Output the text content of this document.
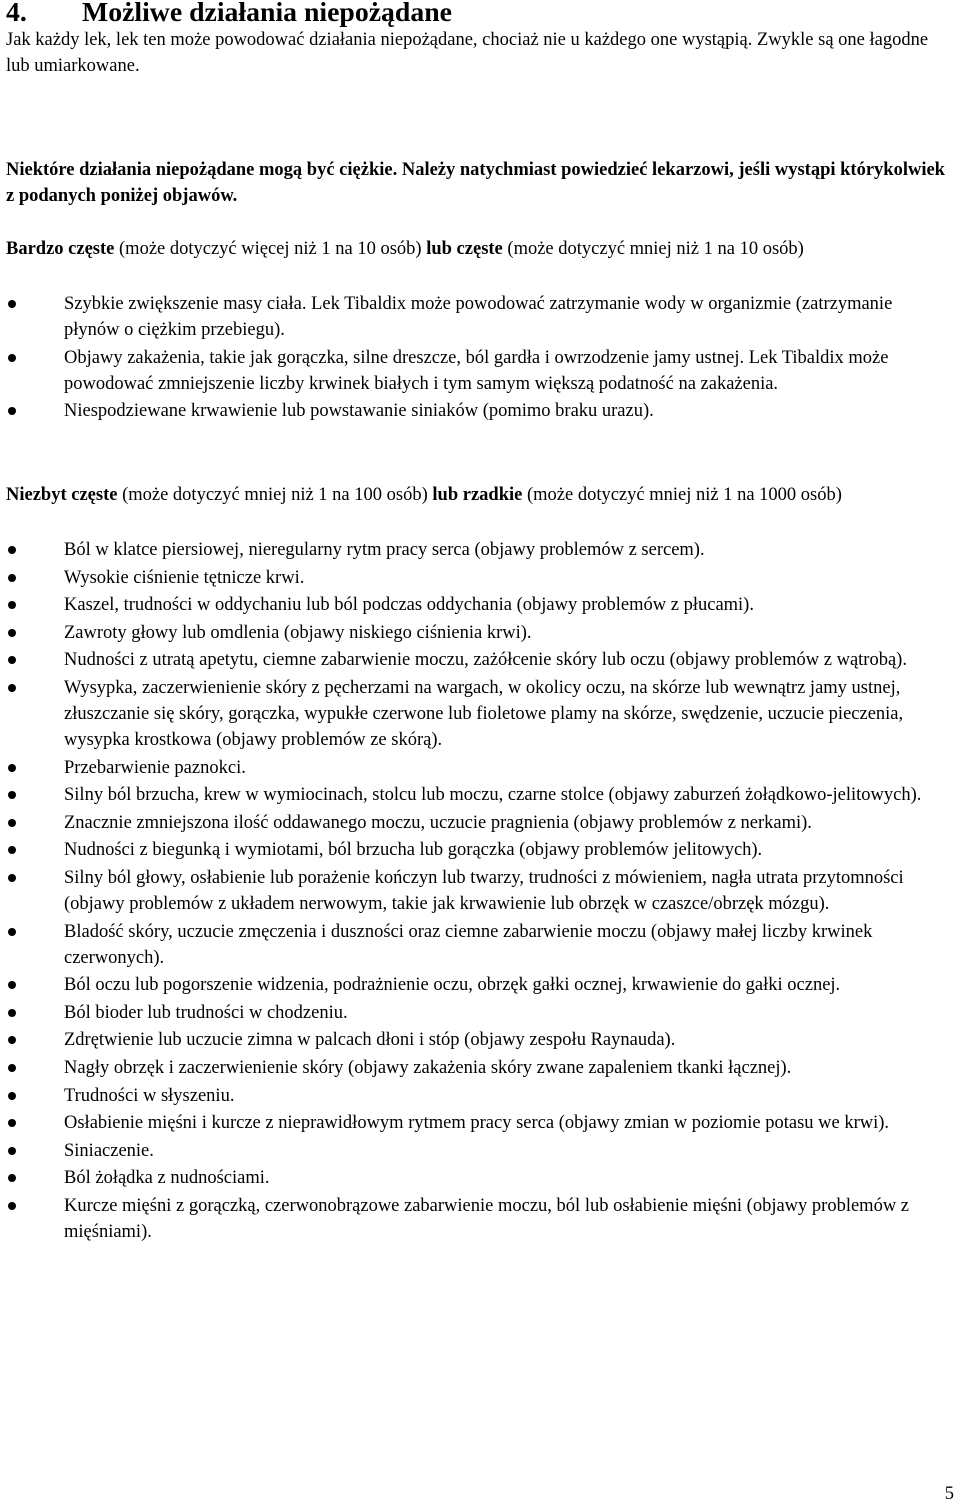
4. Możliwe działania niepożądane

Jak każdy lek, lek ten może powodować działania niepożądane, chociaż nie u każdego one wystąpią. Zwykle są one łagodne lub umiarkowane.

Niektóre działania niepożądane mogą być ciężkie. Należy natychmiast powiedzieć lekarzowi, jeśli wystąpi którykolwiek z podanych poniżej objawów.

Bardzo częste (może dotyczyć więcej niż 1 na 10 osób) lub częste (może dotyczyć mniej niż 1 na 10 osób)

Szybkie zwiększenie masy ciała. Lek Tibaldix może powodować zatrzymanie wody w organizmie (zatrzymanie płynów o ciężkim przebiegu).
Objawy zakażenia, takie jak gorączka, silne dreszcze, ból gardła i owrzodzenie jamy ustnej. Lek Tibaldix może powodować zmniejszenie liczby krwinek białych i tym samym większą podatność na zakażenia.
Niespodziewane krwawienie lub powstawanie siniaków (pomimo braku urazu).

Niezbyt częste (może dotyczyć mniej niż 1 na 100 osób) lub rzadkie (może dotyczyć mniej niż 1 na 1000 osób)

Ból w klatce piersiowej, nieregularny rytm pracy serca (objawy problemów z sercem).
Wysokie ciśnienie tętnicze krwi.
Kaszel, trudności w oddychaniu lub ból podczas oddychania (objawy problemów z płucami).
Zawroty głowy lub omdlenia (objawy niskiego ciśnienia krwi).
Nudności z utratą apetytu, ciemne zabarwienie moczu, zażółcenie skóry lub oczu (objawy problemów z wątrobą).
Wysypka, zaczerwienienie skóry z pęcherzami na wargach, w okolicy oczu, na skórze lub wewnątrz jamy ustnej, złuszczanie się skóry, gorączka, wypukłe czerwone lub fioletowe plamy na skórze, swędzenie, uczucie pieczenia, wysypka krostkowa (objawy problemów ze skórą).
Przebarwienie paznokci.
Silny ból brzucha, krew w wymiocinach, stolcu lub moczu, czarne stolce (objawy zaburzeń żołądkowo-jelitowych).
Znacznie zmniejszona ilość oddawanego moczu, uczucie pragnienia (objawy problemów z nerkami).
Nudności z biegunką i wymiotami, ból brzucha lub gorączka (objawy problemów jelitowych).
Silny ból głowy, osłabienie lub porażenie kończyn lub twarzy, trudności z mówieniem, nagła utrata przytomności (objawy problemów z układem nerwowym, takie jak krwawienie lub obrzęk w czaszce/obrzęk mózgu).
Bladość skóry, uczucie zmęczenia i duszności oraz ciemne zabarwienie moczu (objawy małej liczby krwinek czerwonych).
Ból oczu lub pogorszenie widzenia, podrażnienie oczu, obrzęk gałki ocznej, krwawienie do gałki ocznej.
Ból bioder lub trudności w chodzeniu.
Zdrętwienie lub uczucie zimna w palcach dłoni i stóp (objawy zespołu Raynauda).
Nagły obrzęk i zaczerwienienie skóry (objawy zakażenia skóry zwane zapaleniem tkanki łącznej).
Trudności w słyszeniu.
Osłabienie mięśni i kurcze z nieprawidłowym rytmem pracy serca (objawy zmian w poziomie potasu we krwi).
Siniaczenie.
Ból żołądka z nudnościami.
Kurcze mięśni z gorączką, czerwonobrązowe zabarwienie moczu, ból lub osłabienie mięśni (objawy problemów z mięśniami).

5
